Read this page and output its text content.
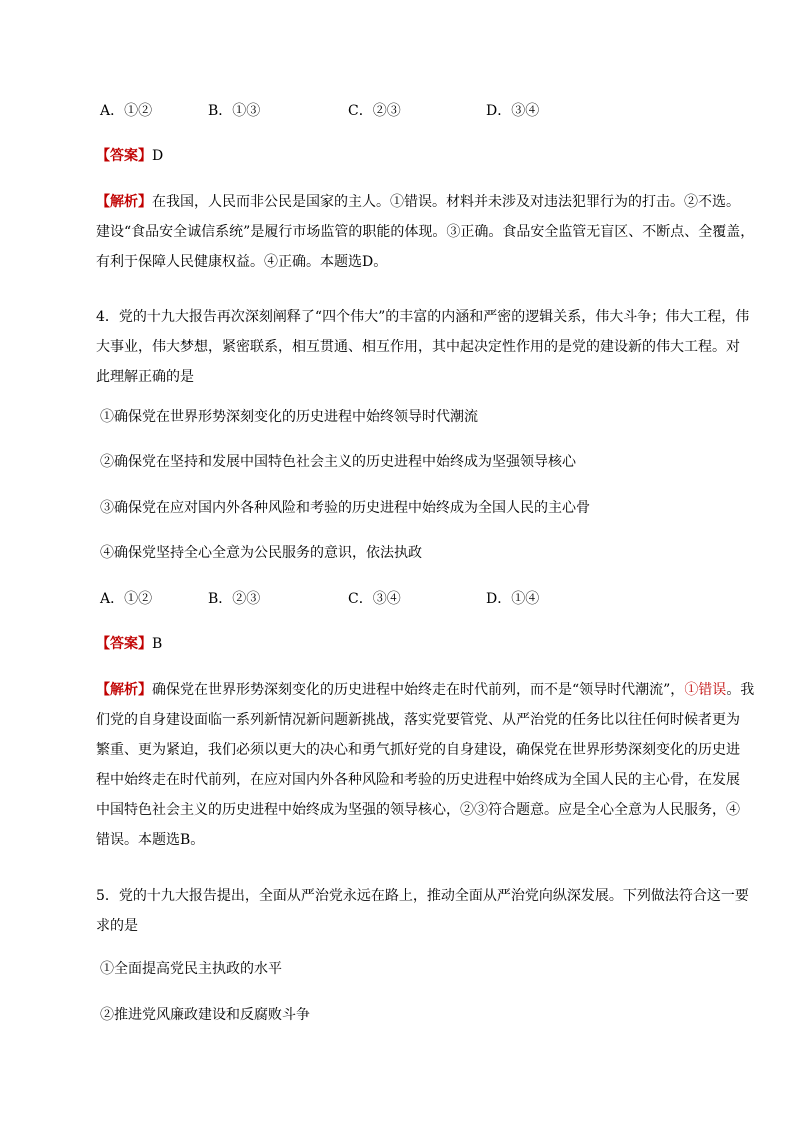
A．①②	B．①③	C．②③	D．③④
【答案】D
【解析】在我国，人民而非公民是国家的主人。①错误。材料并未涉及对违法犯罪行为的打击。②不选。
建设“食品安全诚信系统”是履行市场监管的职能的体现。③正确。食品安全监管无盲区、不断点、全覆盖，
有利于保障人民健康权益。④正确。本题选D。
4．党的十九大报告再次深刻阐释了“四个伟大”的丰富的内涵和严密的逻辑关系，伟大斗争；伟大工程，伟
大事业，伟大梦想，紧密联系，相互贯通、相互作用，其中起决定性作用的是党的建设新的伟大工程。对
此理解正确的是
①确保党在世界形势深刻变化的历史进程中始终领导时代潮流
②确保党在坚持和发展中国特色社会主义的历史进程中始终成为坚强领导核心
③确保党在应对国内外各种风险和考验的历史进程中始终成为全国人民的主心骨
④确保党坚持全心全意为公民服务的意识，依法执政
A．①②	B．②③	C．③④	D．①④
【答案】B
【解析】确保党在世界形势深刻变化的历史进程中始终走在时代前列，而不是“领导时代潮流”，①错误。我
们党的自身建设面临一系列新情况新问题新挑战，落实党要管党、从严治党的任务比以往任何时候者更为
繁重、更为紧迫，我们必须以更大的决心和勇气抓好党的自身建设，确保党在世界形势深刻变化的历史进
程中始终走在时代前列，在应对国内外各种风险和考验的历史进程中始终成为全国人民的主心骨，在发展
中国特色社会主义的历史进程中始终成为坚强的领导核心，②③符合题意。应是全心全意为人民服务，④
错误。本题选B。
5．党的十九大报告提出，全面从严治党永远在路上，推动全面从严治党向纵深发展。下列做法符合这一要
求的是
①全面提高党民主执政的水平
②推进党风廉政建设和反腐败斗争
